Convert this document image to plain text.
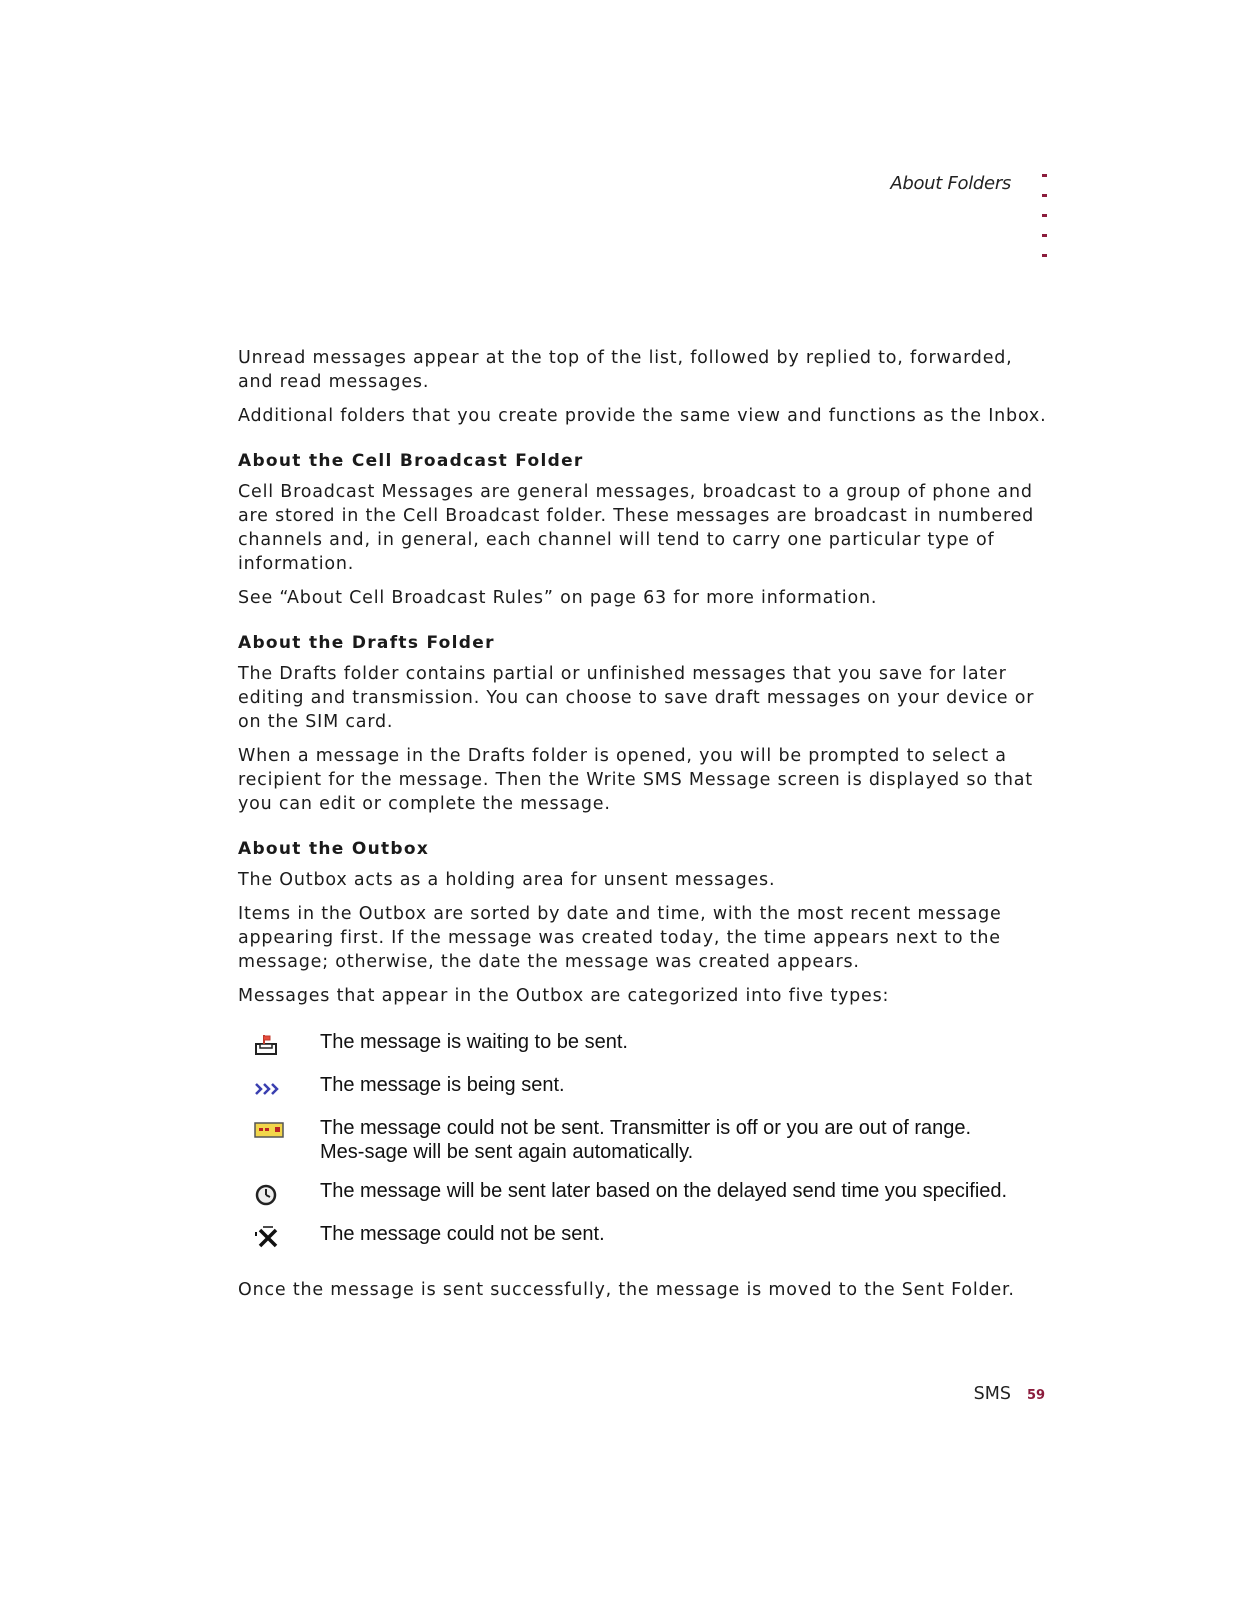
About Folders

Unread messages appear at the top of the list, followed by replied to, forwarded, and read messages.

Additional folders that you create provide the same view and functions as the Inbox.

About the Cell Broadcast Folder

Cell Broadcast Messages are general messages, broadcast to a group of phone and are stored in the Cell Broadcast folder. These messages are broadcast in numbered channels and, in general, each channel will tend to carry one particular type of information.

See “About Cell Broadcast Rules” on page 63 for more information.

About the Drafts Folder

The Drafts folder contains partial or unfinished messages that you save for later editing and transmission. You can choose to save draft messages on your device or on the SIM card.

When a message in the Drafts folder is opened, you will be prompted to select a recipient for the message. Then the Write SMS Message screen is displayed so that you can edit or complete the message.

About the Outbox

The Outbox acts as a holding area for unsent messages.

Items in the Outbox are sorted by date and time, with the most recent message appearing first. If the message was created today, the time appears next to the message; otherwise, the date the message was created appears.

Messages that appear in the Outbox are categorized into five types:

The message is waiting to be sent.
The message is being sent.
The message could not be sent. Transmitter is off or you are out of range. Mes-sage will be sent again automatically.
The message will be sent later based on the delayed send time you specified.
The message could not be sent.

Once the message is sent successfully, the message is moved to the Sent Folder.

SMS 59
